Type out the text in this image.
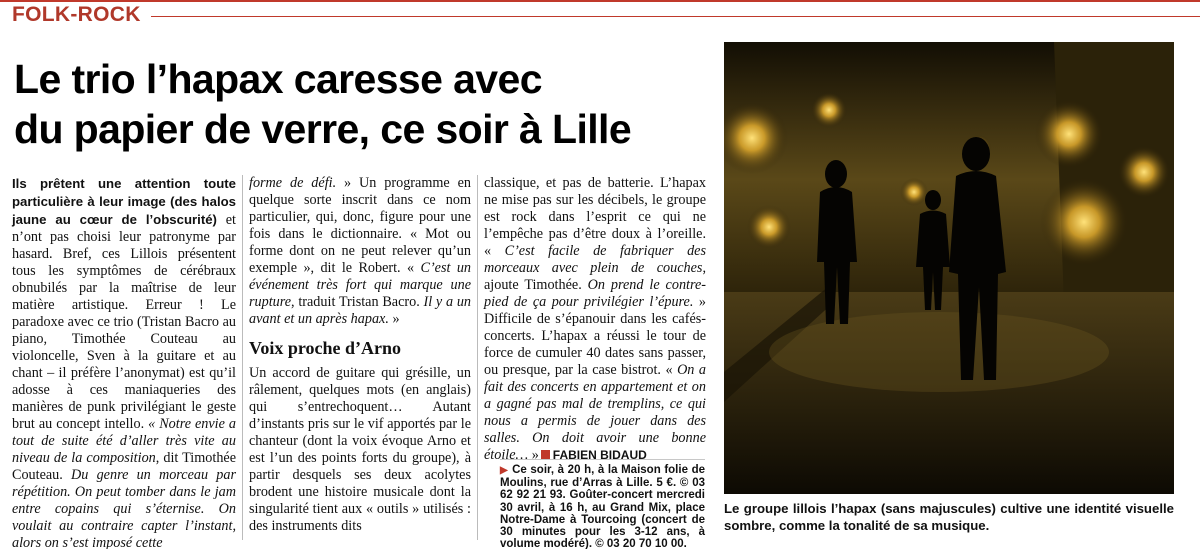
FOLK-ROCK
Le trio l’hapax caresse avec
du papier de verre, ce soir à Lille

Ils prêtent une attention toute particulière à leur image (des halos jaune au cœur de l’obscurité) et n’ont pas choisi leur patronyme par hasard. Bref, ces Lillois présentent tous les symptômes de cérébraux obnubilés par la maîtrise de leur matière artistique. Erreur ! Le paradoxe avec ce trio (Tristan Bacro au piano, Timothée Couteau au violoncelle, Sven à la guitare et au chant – il préfère l’anonymat) est qu’il adosse à ces maniaqueries des manières de punk privilégiant le geste brut au concept intello. « Notre envie a tout de suite été d’aller très vite au niveau de la composition, dit Timothée Couteau. Du genre un morceau par répétition. On peut tomber dans le jam entre copains qui s’éternise. On voulait au contraire capter l’instant, alors on s’est imposé cette

forme de défi. » Un programme en quelque sorte inscrit dans ce nom particulier, qui, donc, figure pour une fois dans le dictionnaire. « Mot ou forme dont on ne peut relever qu’un exemple », dit le Robert. « C’est un événement très fort qui marque une rupture, traduit Tristan Bacro. Il y a un avant et un après hapax. »

Voix proche d’Arno

Un accord de guitare qui grésille, un râlement, quelques mots (en anglais) qui s’entrechoquent… Autant d’instants pris sur le vif apportés par le chanteur (dont la voix évoque Arno et est l’un des points forts du groupe), à partir desquels ses deux acolytes brodent une histoire musicale dont la singularité tient aux « outils » utilisés : des instruments dits

classique, et pas de batterie. L’hapax ne mise pas sur les décibels, le groupe est rock dans l’esprit ce qui ne l’empêche pas d’être doux à l’oreille. « C’est facile de fabriquer des morceaux avec plein de couches, ajoute Timothée. On prend le contre-pied de ça pour privilégier l’épure. » Difficile de s’épanouir dans les cafés-concerts. L’hapax a réussi le tour de force de cumuler 40 dates sans passer, ou presque, par la case bistrot. « On a fait des concerts en appartement et on a gagné pas mal de tremplins, ce qui nous a permis de jouer dans des salles. On doit avoir une bonne étoile… » FABIEN BIDAUD

▶ Ce soir, à 20 h, à la Maison folie de Moulins, rue d’Arras à Lille. 5 €. © 03 62 92 21 93. Goûter-concert mercredi 30 avril, à 16 h, au Grand Mix, place Notre-Dame à Tourcoing (concert de 30 minutes pour les 3-12 ans, à volume modéré). © 03 20 70 10 00.

Le groupe lillois l’hapax (sans majuscules) cultive une identité visuelle sombre, comme la tonalité de sa musique.
